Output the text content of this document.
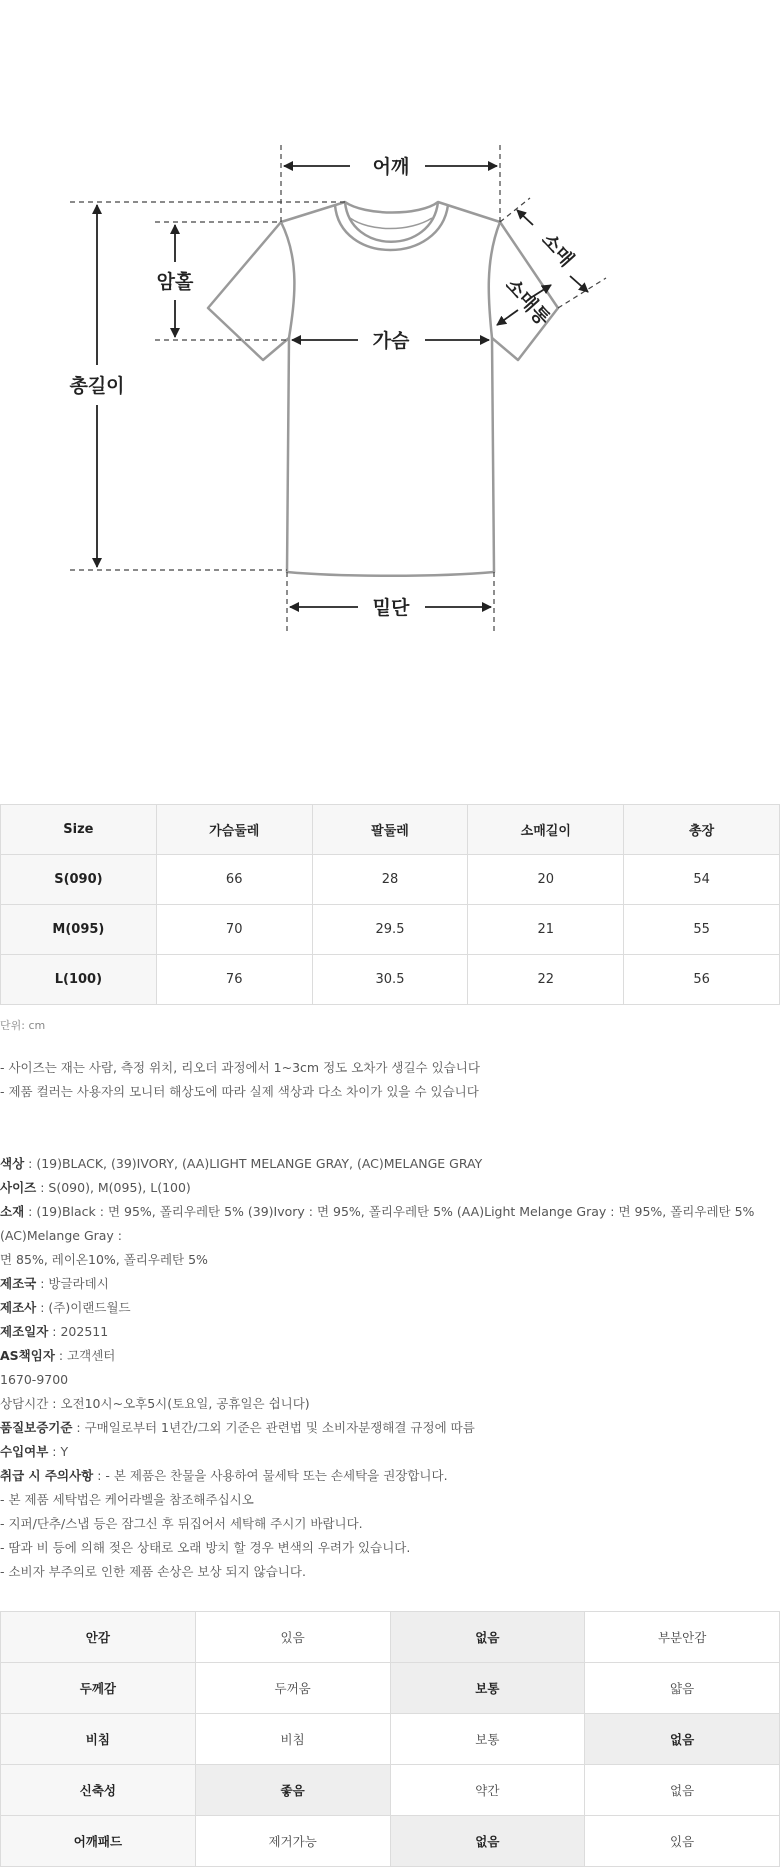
어깨
암홀
총길이
가슴
밑단
소매
소매통
Size	가슴둘레	팔둘레	소매길이	총장
S(090)	66	28	20	54
M(095)	70	29.5	21	55
L(100)	76	30.5	22	56
단위: cm
- 사이즈는 재는 사람, 측정 위치, 리오더 과정에서 1~3cm 정도 오차가 생길수 있습니다
- 제품 컬러는 사용자의 모니터 해상도에 따라 실제 색상과 다소 차이가 있을 수 있습니다
색상 : (19)BLACK, (39)IVORY, (AA)LIGHT MELANGE GRAY, (AC)MELANGE GRAY
사이즈 : S(090), M(095), L(100)
소재 : (19)Black : 면 95%, 폴리우레탄 5% (39)Ivory : 면 95%, 폴리우레탄 5% (AA)Light Melange Gray : 면 95%, 폴리우레탄 5% (AC)Melange Gray :
면 85%, 레이온10%, 폴리우레탄 5%
제조국 : 방글라데시
제조사 : (주)이랜드월드
제조일자 : 202511
AS책임자 : 고객센터
1670-9700
상담시간 : 오전10시~오후5시(토요일, 공휴일은 쉽니다)
품질보증기준 : 구매일로부터 1년간/그외 기준은 관련법 및 소비자분쟁해결 규정에 따름
수입여부 : Y
취급 시 주의사항 : - 본 제품은 찬물을 사용하여 물세탁 또는 손세탁을 권장합니다.
- 본 제품 세탁법은 케어라벨을 참조해주십시오
- 지퍼/단추/스냅 등은 잠그신 후 뒤집어서 세탁해 주시기 바랍니다.
- 땀과 비 등에 의해 젖은 상태로 오래 방치 할 경우 변색의 우려가 있습니다.
- 소비자 부주의로 인한 제품 손상은 보상 되지 않습니다.
안감	있음	없음	부분안감
두께감	두꺼움	보통	얇음
비침	비침	보통	없음
신축성	좋음	약간	없음
어깨패드	제거가능	없음	있음
